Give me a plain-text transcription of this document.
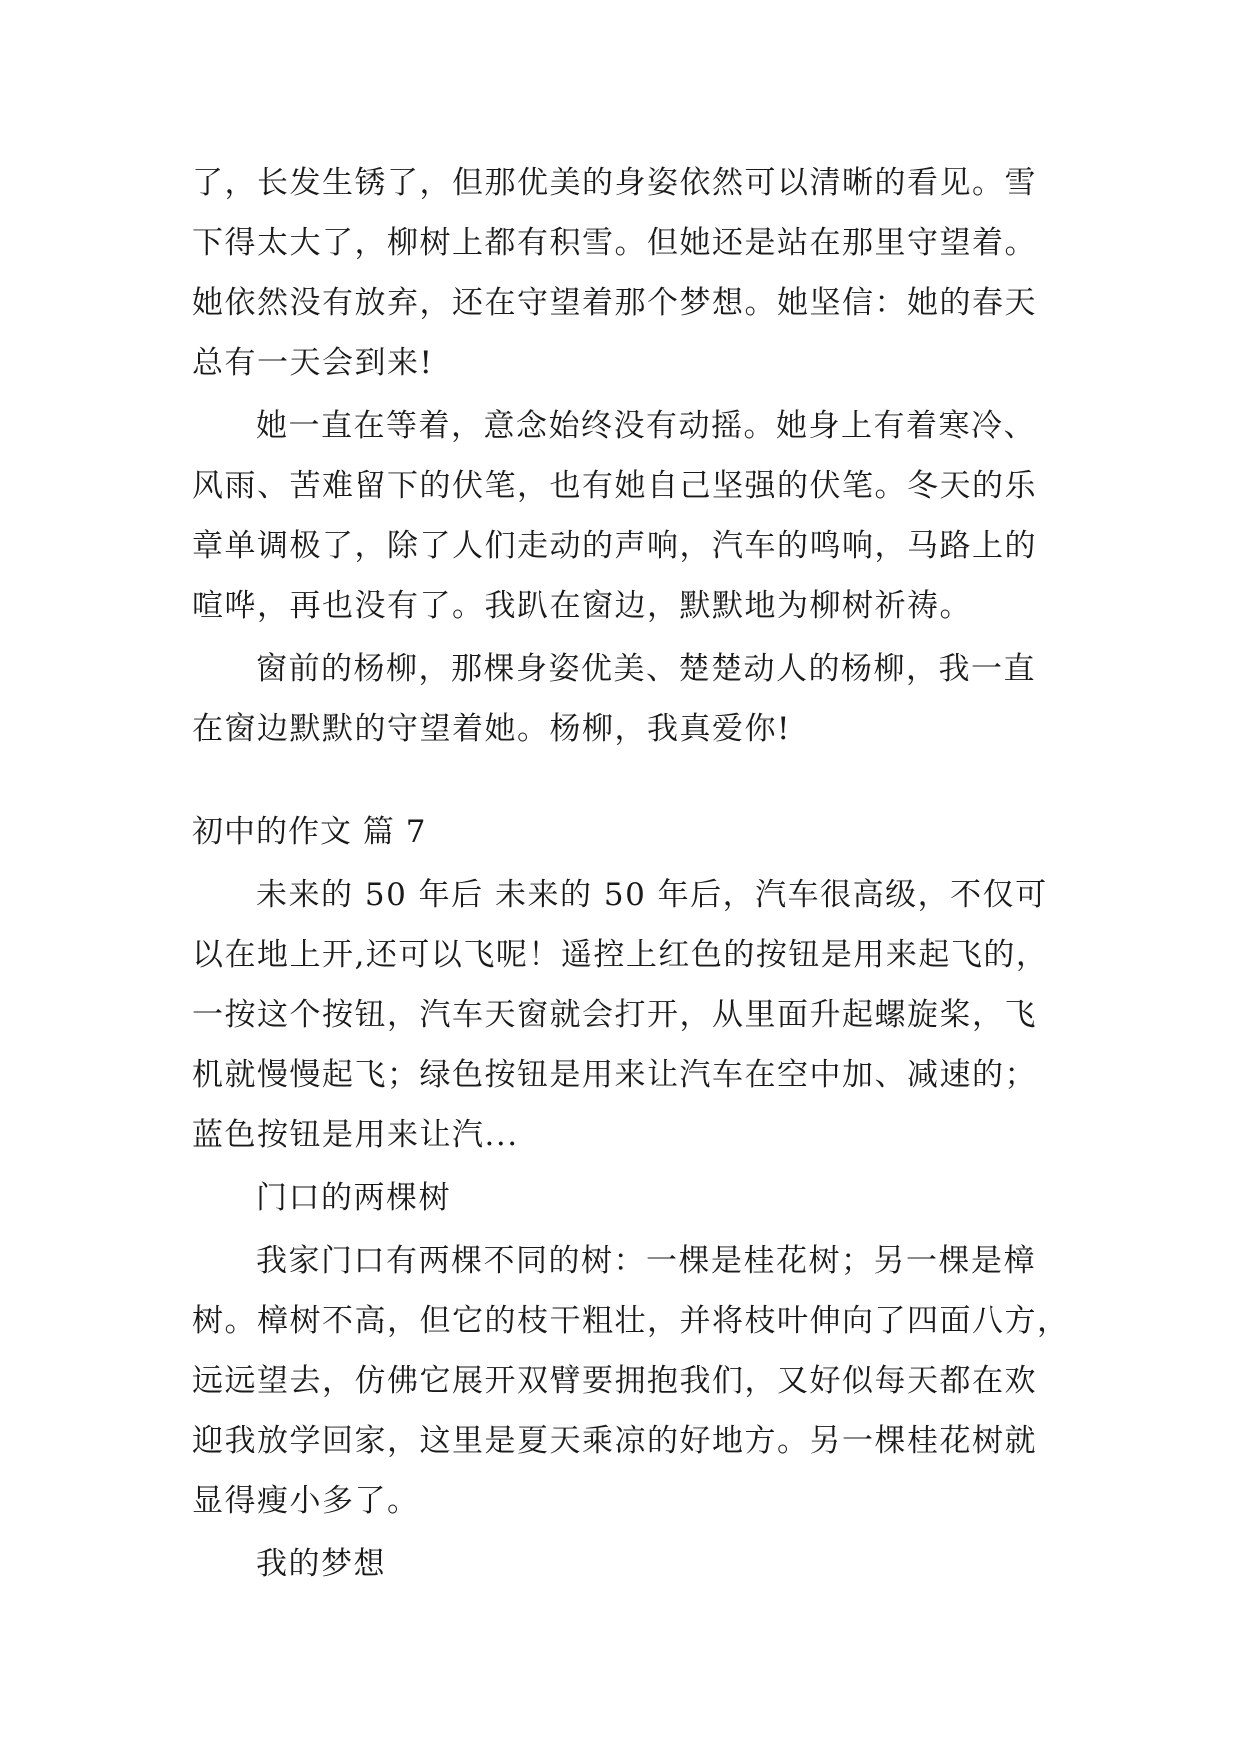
了，长发生锈了，但那优美的身姿依然可以清晰的看见。雪
下得太大了，柳树上都有积雪。但她还是站在那里守望着。
她依然没有放弃，还在守望着那个梦想。她坚信：她的春天
总有一天会到来!
她一直在等着，意念始终没有动摇。她身上有着寒冷、
风雨、苦难留下的伏笔，也有她自己坚强的伏笔。冬天的乐
章单调极了，除了人们走动的声响，汽车的鸣响，马路上的
喧哗，再也没有了。我趴在窗边，默默地为柳树祈祷。
窗前的杨柳，那棵身姿优美、楚楚动人的杨柳，我一直
在窗边默默的守望着她。杨柳，我真爱你!
初中的作文 篇 7
未来的 50 年后 未来的 50 年后，汽车很高级，不仅可
以在地上开,还可以飞呢！遥控上红色的按钮是用来起飞的，
一按这个按钮，汽车天窗就会打开，从里面升起螺旋桨，飞
机就慢慢起飞；绿色按钮是用来让汽车在空中加、减速的；
蓝色按钮是用来让汽...
门口的两棵树
我家门口有两棵不同的树：一棵是桂花树；另一棵是樟
树。樟树不高，但它的枝干粗壮，并将枝叶伸向了四面八方，
远远望去，仿佛它展开双臂要拥抱我们，又好似每天都在欢
迎我放学回家，这里是夏天乘凉的好地方。另一棵桂花树就
显得瘦小多了。
我的梦想
